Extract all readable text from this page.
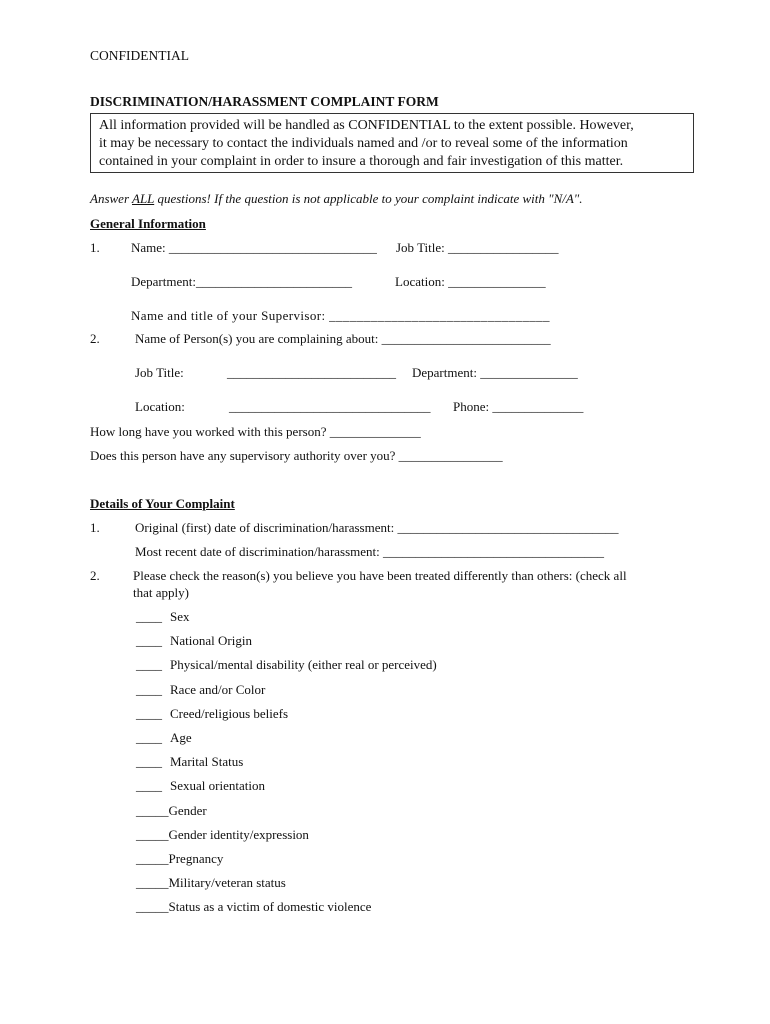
CONFIDENTIAL
DISCRIMINATION/HARASSMENT COMPLAINT FORM
All information provided will be handled as CONFIDENTIAL to the extent possible. However,
it may be necessary to contact the individuals named and /or to reveal some of the information
contained in your complaint in order to insure a thorough and fair investigation of this matter.
Answer ALL questions! If the question is not applicable to your complaint indicate with "N/A".
General Information
1. Name: ________________________________ Job Title: _________________
Department:________________________	Location: _______________
Name and title of your Supervisor: ________________________________
2.	Name of Person(s) you are complaining about: __________________________
Job Title:	__________________________ Department: _______________
Location:	_______________________________ Phone: ______________
How long have you worked with this person? ______________
Does this person have any supervisory authority over you? ________________
Details of Your Complaint
1.	Original (first) date of discrimination/harassment: __________________________________
Most recent date of discrimination/harassment: __________________________________
2.	Please check the reason(s) you believe you have been treated differently than others: (check all
that apply)
____ Sex
____ National Origin
____ Physical/mental disability (either real or perceived)
____ Race and/or Color
____ Creed/religious beliefs
____ Age
____ Marital Status
____ Sexual orientation
_____Gender
_____Gender identity/expression
_____Pregnancy
_____Military/veteran status
_____Status as a victim of domestic violence
